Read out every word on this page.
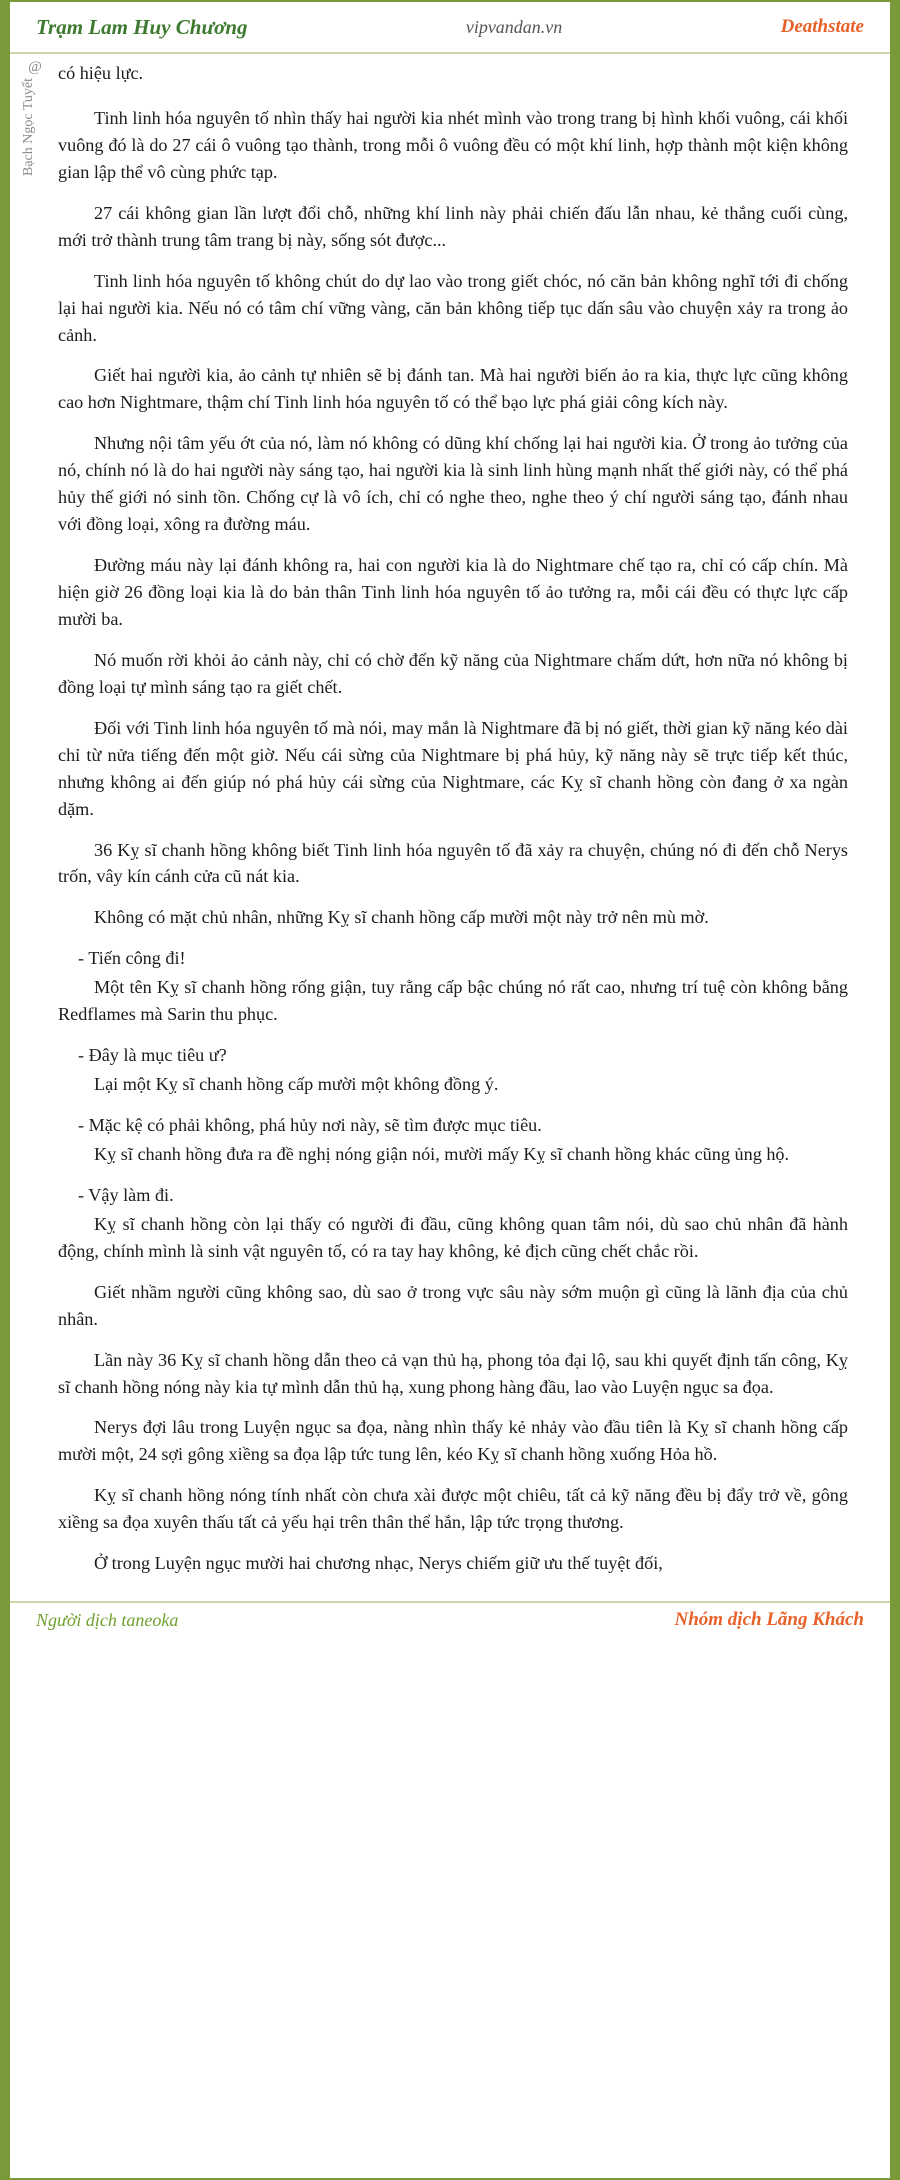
Trạm Lam Huy Chương	vipvandan.vn	Deathstate
@
Bạch Ngọc Tuyết

có hiệu lực.

Tinh linh hóa nguyên tố nhìn thấy hai người kia nhét mình vào trong trang bị hình khối vuông, cái khối vuông đó là do 27 cái ô vuông tạo thành, trong mỗi ô vuông đều có một khí linh, hợp thành một kiện không gian lập thể vô cùng phức tạp.

27 cái không gian lần lượt đổi chỗ, những khí linh này phải chiến đấu lẫn nhau, kẻ thắng cuối cùng, mới trở thành trung tâm trang bị này, sống sót được...

Tinh linh hóa nguyên tố không chút do dự lao vào trong giết chóc, nó căn bản không nghĩ tới đi chống lại hai người kia. Nếu nó có tâm chí vững vàng, căn bản không tiếp tục dấn sâu vào chuyện xảy ra trong ảo cảnh.

Giết hai người kia, ảo cảnh tự nhiên sẽ bị đánh tan. Mà hai người biến ảo ra kia, thực lực cũng không cao hơn Nightmare, thậm chí Tinh linh hóa nguyên tố có thể bạo lực phá giải công kích này.

Nhưng nội tâm yếu ớt của nó, làm nó không có dũng khí chống lại hai người kia. Ở trong ảo tưởng của nó, chính nó là do hai người này sáng tạo, hai người kia là sinh linh hùng mạnh nhất thế giới này, có thể phá hủy thế giới nó sinh tồn. Chống cự là vô ích, chỉ có nghe theo, nghe theo ý chí người sáng tạo, đánh nhau với đồng loại, xông ra đường máu.

Đường máu này lại đánh không ra, hai con người kia là do Nightmare chế tạo ra, chỉ có cấp chín. Mà hiện giờ 26 đồng loại kia là do bản thân Tinh linh hóa nguyên tố ảo tưởng ra, mỗi cái đều có thực lực cấp mười ba.

Nó muốn rời khỏi ảo cảnh này, chỉ có chờ đến kỹ năng của Nightmare chấm dứt, hơn nữa nó không bị đồng loại tự mình sáng tạo ra giết chết.

Đối với Tinh linh hóa nguyên tố mà nói, may mắn là Nightmare đã bị nó giết, thời gian kỹ năng kéo dài chỉ từ nửa tiếng đến một giờ. Nếu cái sừng của Nightmare bị phá hủy, kỹ năng này sẽ trực tiếp kết thúc, nhưng không ai đến giúp nó phá hủy cái sừng của Nightmare, các Kỵ sĩ chanh hồng còn đang ở xa ngàn dặm.

36 Kỵ sĩ chanh hồng không biết Tinh linh hóa nguyên tố đã xảy ra chuyện, chúng nó đi đến chỗ Nerys trốn, vây kín cánh cửa cũ nát kia.

Không có mặt chủ nhân, những Kỵ sĩ chanh hồng cấp mười một này trở nên mù mờ.

- Tiến công đi!

Một tên Kỵ sĩ chanh hồng rống giận, tuy rằng cấp bậc chúng nó rất cao, nhưng trí tuệ còn không bằng Redflames mà Sarin thu phục.

- Đây là mục tiêu ư?

Lại một Kỵ sĩ chanh hồng cấp mười một không đồng ý.

- Mặc kệ có phải không, phá hủy nơi này, sẽ tìm được mục tiêu.

Kỵ sĩ chanh hồng đưa ra đề nghị nóng giận nói, mười mấy Kỵ sĩ chanh hồng khác cũng ủng hộ.

- Vậy làm đi.

Kỵ sĩ chanh hồng còn lại thấy có người đi đầu, cũng không quan tâm nói, dù sao chủ nhân đã hành động, chính mình là sinh vật nguyên tố, có ra tay hay không, kẻ địch cũng chết chắc rồi.

Giết nhầm người cũng không sao, dù sao ở trong vực sâu này sớm muộn gì cũng là lãnh địa của chủ nhân.

Lần này 36 Kỵ sĩ chanh hồng dẫn theo cả vạn thủ hạ, phong tỏa đại lộ, sau khi quyết định tấn công, Kỵ sĩ chanh hồng nóng này kia tự mình dẫn thủ hạ, xung phong hàng đầu, lao vào Luyện ngục sa đọa.

Nerys đợi lâu trong Luyện ngục sa đọa, nàng nhìn thấy kẻ nhảy vào đầu tiên là Kỵ sĩ chanh hồng cấp mười một, 24 sợi gông xiềng sa đọa lập tức tung lên, kéo Kỵ sĩ chanh hồng xuống Hỏa hồ.

Kỵ sĩ chanh hồng nóng tính nhất còn chưa xài được một chiêu, tất cả kỹ năng đều bị đẩy trở về, gông xiềng sa đọa xuyên thấu tất cả yếu hại trên thân thể hắn, lập tức trọng thương.

Ở trong Luyện ngục mười hai chương nhạc, Nerys chiếm giữ ưu thế tuyệt đối,

Người dịch taneoka	Nhóm dịch Lãng Khách
